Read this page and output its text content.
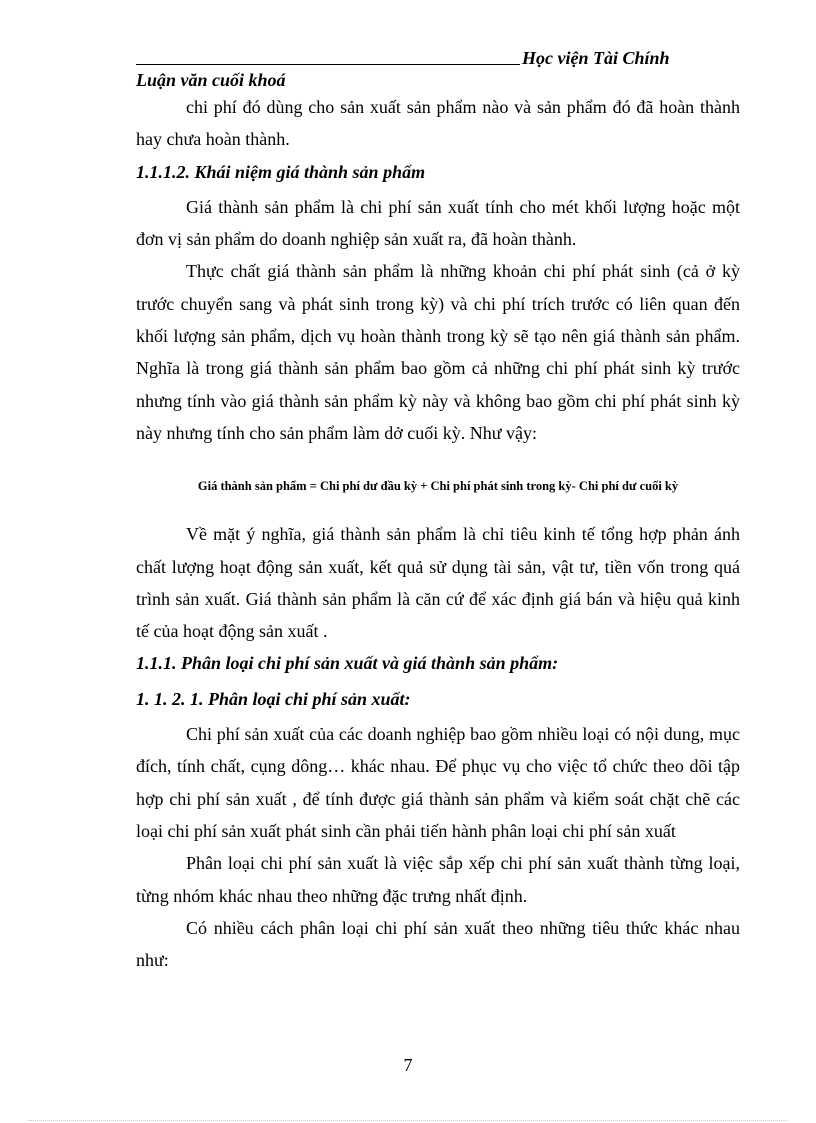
Học viện Tài Chính
Luận văn cuối khoá

chi phí đó dùng cho sản xuất sản phẩm nào và sản phẩm đó đã hoàn thành hay chưa hoàn thành.

1.1.1.2. Khái niệm giá thành sản phẩm

Giá thành sản phẩm là chi phí sản xuất tính cho mét khối lượng hoặc một đơn vị sản phẩm do doanh nghiệp sản xuất ra, đã hoàn thành.

Thực chất giá thành sản phẩm là những khoản chi phí phát sinh (cả ở kỳ trước chuyển sang và phát sinh trong kỳ) và chi phí trích trước có liên quan đến khối lượng sản phẩm, dịch vụ hoàn thành trong kỳ sẽ tạo nên giá thành sản phẩm. Nghĩa là trong giá thành sản phẩm bao gồm cả những chi phí phát sinh kỳ trước nhưng tính vào giá thành sản phẩm kỳ này và không bao gồm chi phí phát sinh kỳ này nhưng tính cho sản phẩm làm dở cuối kỳ. Như vậy:

Giá thành sản phẩm = Chi phí dư đầu kỳ + Chi phí phát sinh trong kỳ- Chi phí dư cuối kỳ

Về mặt ý nghĩa, giá thành sản phẩm là chỉ tiêu kinh tế tổng hợp phản ánh chất lượng hoạt động sản xuất, kết quả sử dụng tài sản, vật tư, tiền vốn trong quá trình sản xuất. Giá thành sản phẩm là căn cứ để xác định giá bán và hiệu quả kinh tế của hoạt động sản xuất .

1.1.1. Phân loại chi phí sản xuất và giá thành sản phẩm:

1. 1. 2. 1. Phân loại chi phí sản xuất:

Chi phí sản xuất của các doanh nghiệp bao gồm nhiều loại có nội dung, mục đích, tính chất, cụng dông… khác nhau. Để phục vụ cho việc tổ chức theo dõi tập hợp chi phí sản xuất , để tính được giá thành sản phẩm và kiểm soát chặt chẽ các loại chi phí sản xuất phát sinh cần phải tiến hành phân loại chi phí sản xuất

Phân loại chi phí sản xuất là việc sắp xếp chi phí sản xuất thành từng loại, từng nhóm khác nhau theo những đặc trưng nhất định.

Có nhiều cách phân loại chi phí sản xuất theo những tiêu thức khác nhau như:

7
